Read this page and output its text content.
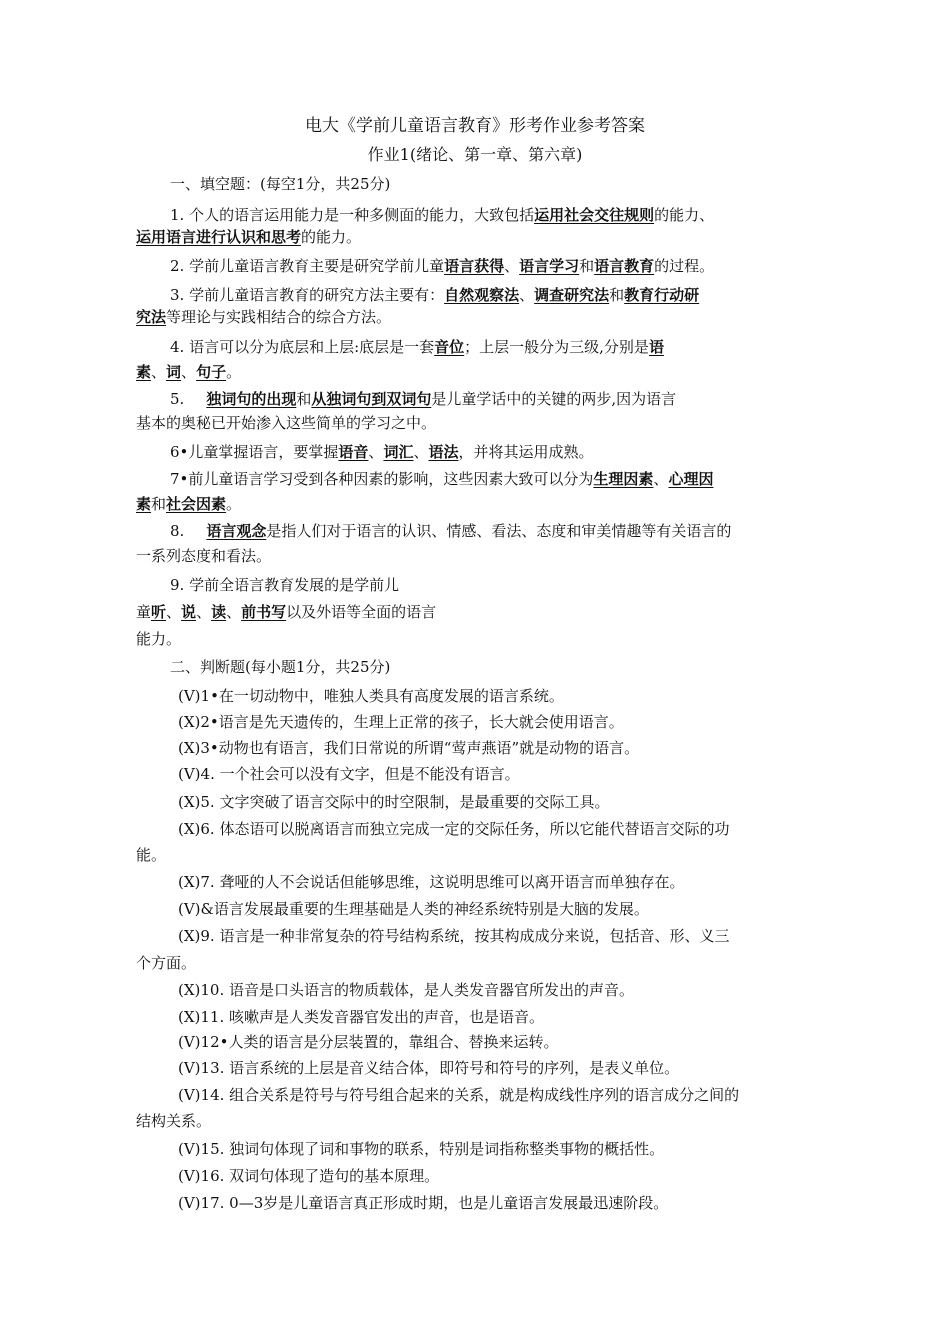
电大《学前儿童语言教育》形考作业参考答案
作业1(绪论、第一章、第六章)
一、填空题：(每空1分，共25分)
1. 个人的语言运用能力是一种多侧面的能力，大致包括运用社会交往规则的能力、
运用语言进行认识和思考的能力。
2. 学前儿童语言教育主要是研究学前儿童语言获得、语言学习和语言教育的过程。
3. 学前儿童语言教育的研究方法主要有：自然观察法、调查研究法和教育行动研
究法等理论与实践相结合的综合方法。
4. 语言可以分为底层和上层:底层是一套音位；上层一般分为三级,分别是语
素、词、句子。
5. 独词句的出现和从独词句到双词句是儿童学话中的关键的两步,因为语言
基本的奥秘已开始渗入这些简单的学习之中。
6•儿童掌握语言，要掌握语音、词汇、语法，并将其运用成熟。
7•前儿童语言学习受到各种因素的影响，这些因素大致可以分为生理因素、心理因
素和社会因素。
8. 语言观念是指人们对于语言的认识、情感、看法、态度和审美情趣等有关语言的
一系列态度和看法。
9. 学前全语言教育发展的是学前儿
童听、说、读、前书写以及外语等全面的语言
能力。
二、判断题(每小题1分，共25分)
(V)1•在一切动物中，唯独人类具有高度发展的语言系统。
(X)2•语言是先天遗传的，生理上正常的孩子，长大就会使用语言。
(X)3•动物也有语言，我们日常说的所谓“莺声燕语”就是动物的语言。
(V)4. 一个社会可以没有文字，但是不能没有语言。
(X)5. 文字突破了语言交际中的时空限制，是最重要的交际工具。
(X)6. 体态语可以脱离语言而独立完成一定的交际任务，所以它能代替语言交际的功
能。
(X)7. 聋哑的人不会说话但能够思维，这说明思维可以离开语言而单独存在。
(V)&语言发展最重要的生理基础是人类的神经系统特别是大脑的发展。
(X)9. 语言是一种非常复杂的符号结构系统，按其构成成分来说，包括音、形、义三
个方面。
(X)10. 语音是口头语言的物质载体，是人类发音器官所发出的声音。
(X)11. 咳嗽声是人类发音器官发出的声音，也是语音。
(V)12•人类的语言是分层装置的，靠组合、替换来运转。
(V)13. 语言系统的上层是音义结合体，即符号和符号的序列，是表义单位。
(V)14. 组合关系是符号与符号组合起来的关系，就是构成线性序列的语言成分之间的
结构关系。
(V)15. 独词句体现了词和事物的联系，特别是词指称整类事物的概括性。
(V)16. 双词句体现了造句的基本原理。
(V)17. 0—3岁是儿童语言真正形成时期，也是儿童语言发展最迅速阶段。
